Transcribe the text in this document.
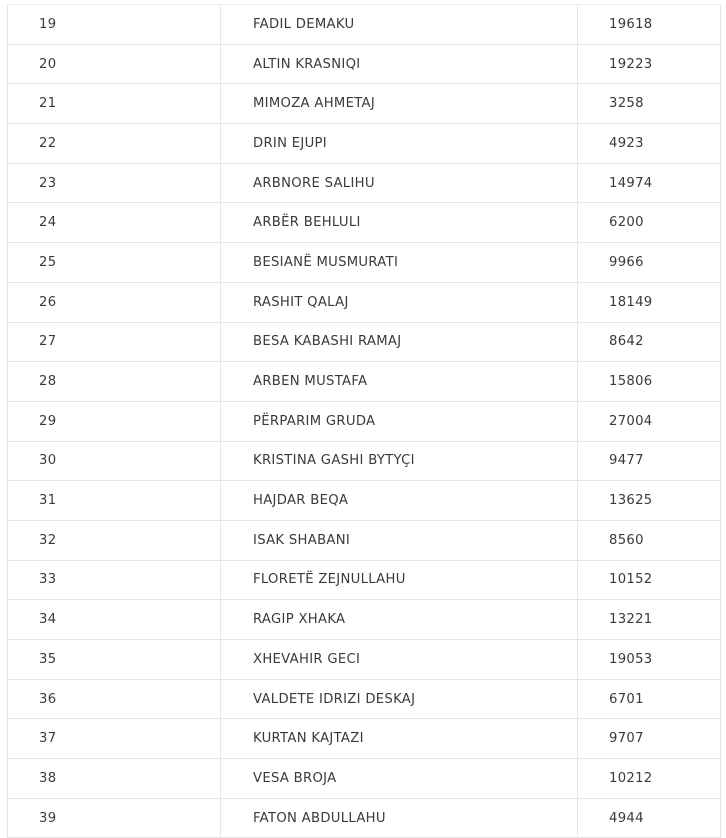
19	FADIL DEMAKU	19618
20	ALTIN KRASNIQI	19223
21	MIMOZA AHMETAJ	3258
22	DRIN EJUPI	4923
23	ARBNORE SALIHU	14974
24	ARBËR BEHLULI	6200
25	BESIANË MUSMURATI	9966
26	RASHIT QALAJ	18149
27	BESA KABASHI RAMAJ	8642
28	ARBEN MUSTAFA	15806
29	PËRPARIM GRUDA	27004
30	KRISTINA GASHI BYTYÇI	9477
31	HAJDAR BEQA	13625
32	ISAK SHABANI	8560
33	FLORETË ZEJNULLAHU	10152
34	RAGIP XHAKA	13221
35	XHEVAHIR GECI	19053
36	VALDETE IDRIZI DESKAJ	6701
37	KURTAN KAJTAZI	9707
38	VESA BROJA	10212
39	FATON ABDULLAHU	4944
